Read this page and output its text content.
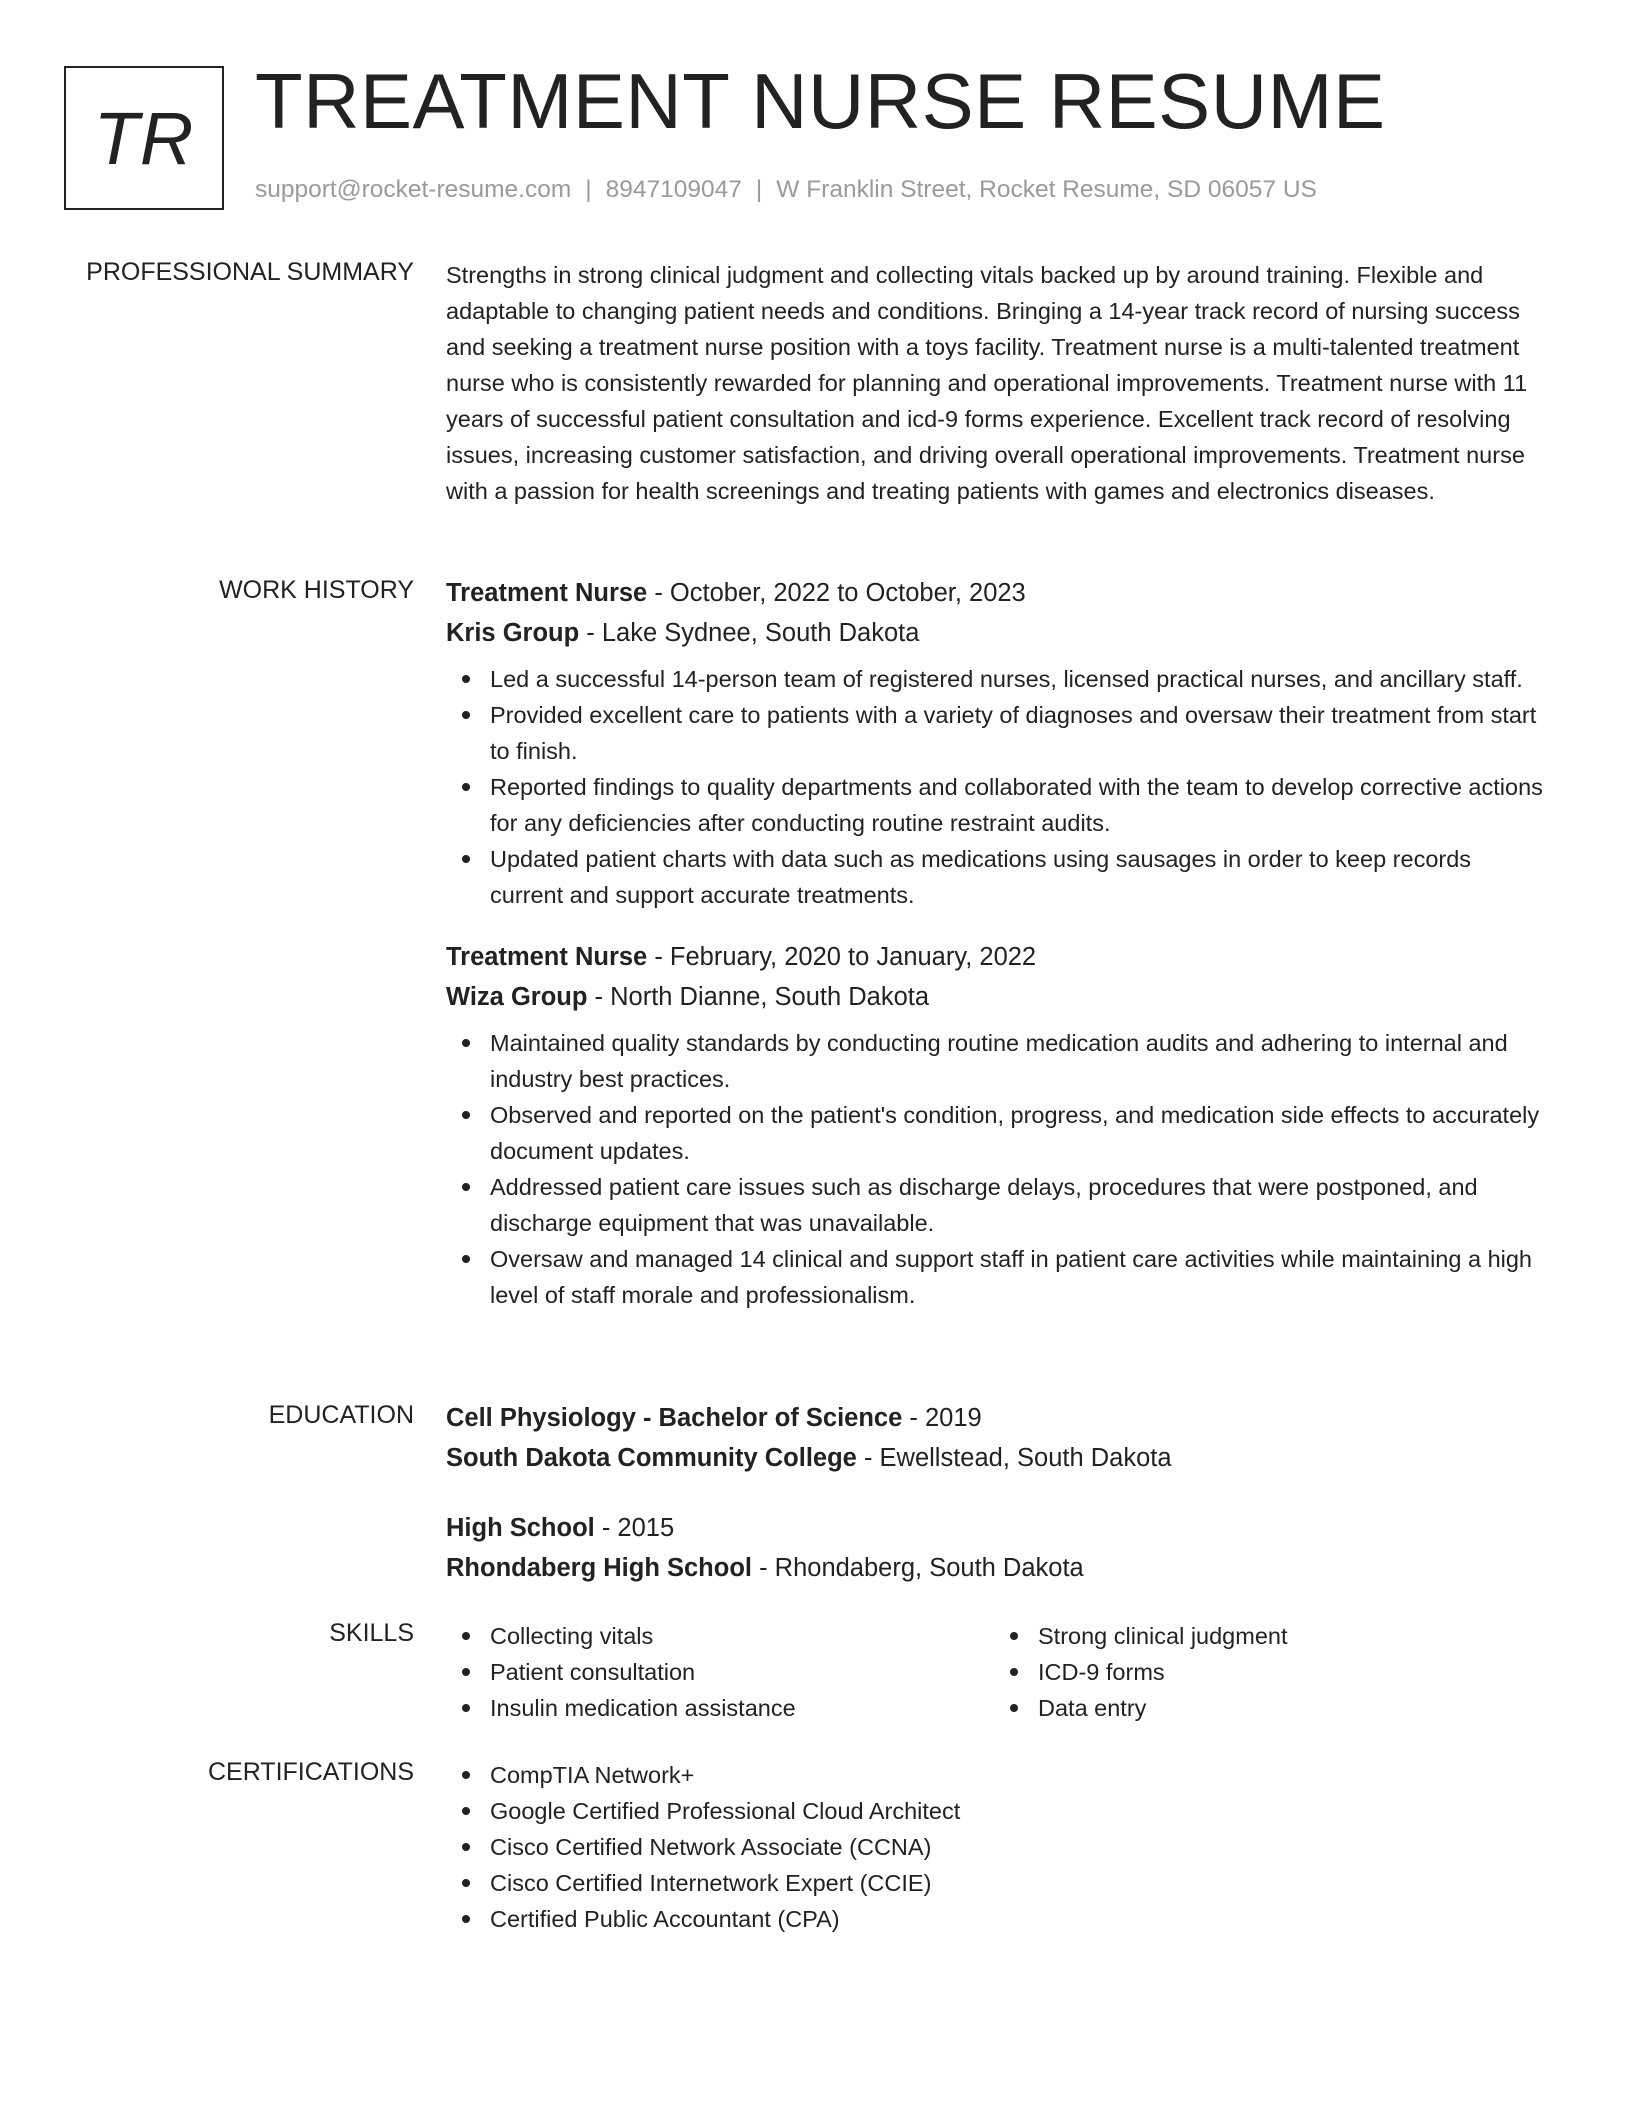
TR TREATMENT NURSE RESUME
support@rocket-resume.com | 8947109047 | W Franklin Street, Rocket Resume, SD 06057 US
PROFESSIONAL SUMMARY Strengths in strong clinical judgment and collecting vitals backed up by around training. Flexible and adaptable to changing patient needs and conditions. Bringing a 14-year track record of nursing success and seeking a treatment nurse position with a toys facility. Treatment nurse is a multi-talented treatment nurse who is consistently rewarded for planning and operational improvements. Treatment nurse with 11 years of successful patient consultation and icd-9 forms experience. Excellent track record of resolving issues, increasing customer satisfaction, and driving overall operational improvements. Treatment nurse with a passion for health screenings and treating patients with games and electronics diseases.
WORK HISTORY Treatment Nurse - October, 2022 to October, 2023
Kris Group - Lake Sydnee, South Dakota
Led a successful 14-person team of registered nurses, licensed practical nurses, and ancillary staff.
Provided excellent care to patients with a variety of diagnoses and oversaw their treatment from start to finish.
Reported findings to quality departments and collaborated with the team to develop corrective actions for any deficiencies after conducting routine restraint audits.
Updated patient charts with data such as medications using sausages in order to keep records current and support accurate treatments.
Treatment Nurse - February, 2020 to January, 2022
Wiza Group - North Dianne, South Dakota
Maintained quality standards by conducting routine medication audits and adhering to internal and industry best practices.
Observed and reported on the patient's condition, progress, and medication side effects to accurately document updates.
Addressed patient care issues such as discharge delays, procedures that were postponed, and discharge equipment that was unavailable.
Oversaw and managed 14 clinical and support staff in patient care activities while maintaining a high level of staff morale and professionalism.
EDUCATION Cell Physiology - Bachelor of Science - 2019
South Dakota Community College - Ewellstead, South Dakota
High School - 2015
Rhondaberg High School - Rhondaberg, South Dakota
SKILLS	Collecting vitals
Patient consultation
Insulin medication assistance
Strong clinical judgment
ICD-9 forms
Data entry
CERTIFICATIONS	CompTIA Network+
Google Certified Professional Cloud Architect
Cisco Certified Network Associate (CCNA)
Cisco Certified Internetwork Expert (CCIE)
Certified Public Accountant (CPA)
